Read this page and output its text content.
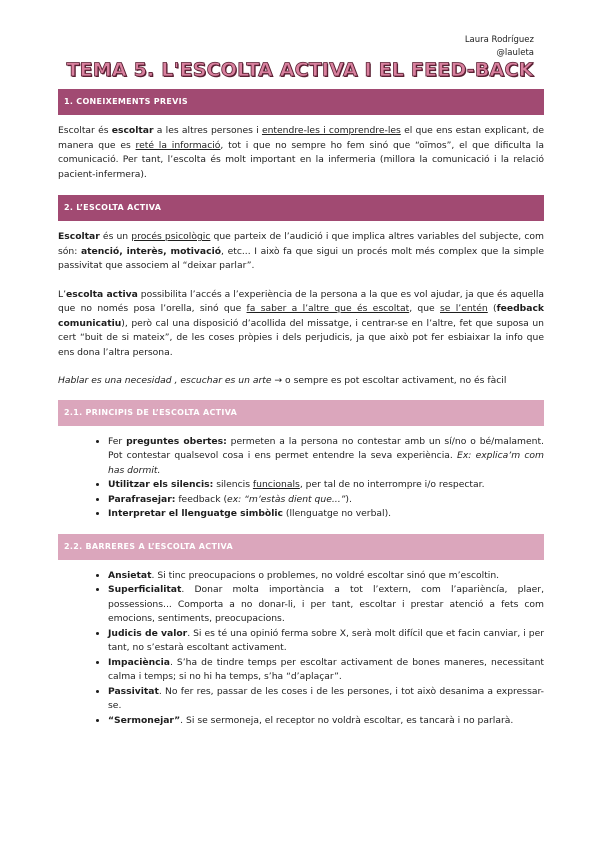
Laura Rodríguez
@lauleta
TEMA 5. L'ESCOLTA ACTIVA I EL FEED-BACK
1. CONEIXEMENTS PREVIS

Escoltar és escoltar a les altres persones i entendre-les i comprendre-les el que ens estan explicant, de manera que es reté la informació, tot i que no sempre ho fem sinó que “oïmos”, el que dificulta la comunicació. Per tant, l’escolta és molt important en la infermeria (millora la comunicació i la relació pacient-infermera).

2. L’ESCOLTA ACTIVA

Escoltar és un procés psicològic que parteix de l’audició i que implica altres variables del subjecte, com són: atenció, interès, motivació, etc... I això fa que sigui un procés molt més complex que la simple passivitat que associem al “deixar parlar”.

L’escolta activa possibilita l’accés a l’experiència de la persona a la que es vol ajudar, ja que és aquella que no només posa l’orella, sinó que fa saber a l’altre que és escoltat, que se l’entén (feedback comunicatiu), però cal una disposició d’acollida del missatge, i centrar-se en l’altre, fet que suposa un cert “buit de si mateix”, de les coses pròpies i dels perjudicis, ja que això pot fer esbiaixar la info que ens dona l’altra persona.

Hablar es una necesidad , escuchar es un arte → o sempre es pot escoltar activament, no és fàcil

2.1. PRINCIPIS DE L’ESCOLTA ACTIVA
• Fer preguntes obertes: permeten a la persona no contestar amb un sí/no o bé/malament. Pot contestar qualsevol cosa i ens permet entendre la seva experiència. Ex: explica’m com has dormit.
• Utilitzar els silencis: silencis funcionals, per tal de no interrompre i/o respectar.
• Parafrasejar: feedback (ex: “m’estàs dient que...”).
• Interpretar el llenguatge simbòlic (llenguatge no verbal).
2.2. BARRERES A L’ESCOLTA ACTIVA
• Ansietat. Si tinc preocupacions o problemes, no voldré escoltar sinó que m’escoltin.
• Superficialitat. Donar molta importància a tot l’extern, com l’aparièncía, plaer, possessions... Comporta a no donar-li, i per tant, escoltar i prestar atenció a fets com emocions, sentiments, preocupacions.
• Judicis de valor. Si es té una opinió ferma sobre X, serà molt difícil que et facin canviar, i per tant, no s’estarà escoltant activament.
• Impaciència. S’ha de tindre temps per escoltar activament de bones maneres, necessitant calma i temps; si no hi ha temps, s’ha “d’aplaçar”.
• Passivitat. No fer res, passar de les coses i de les persones, i tot això desanima a expressar-se.
• “Sermonejar”. Si se sermoneja, el receptor no voldrà escoltar, es tancarà i no parlarà.
